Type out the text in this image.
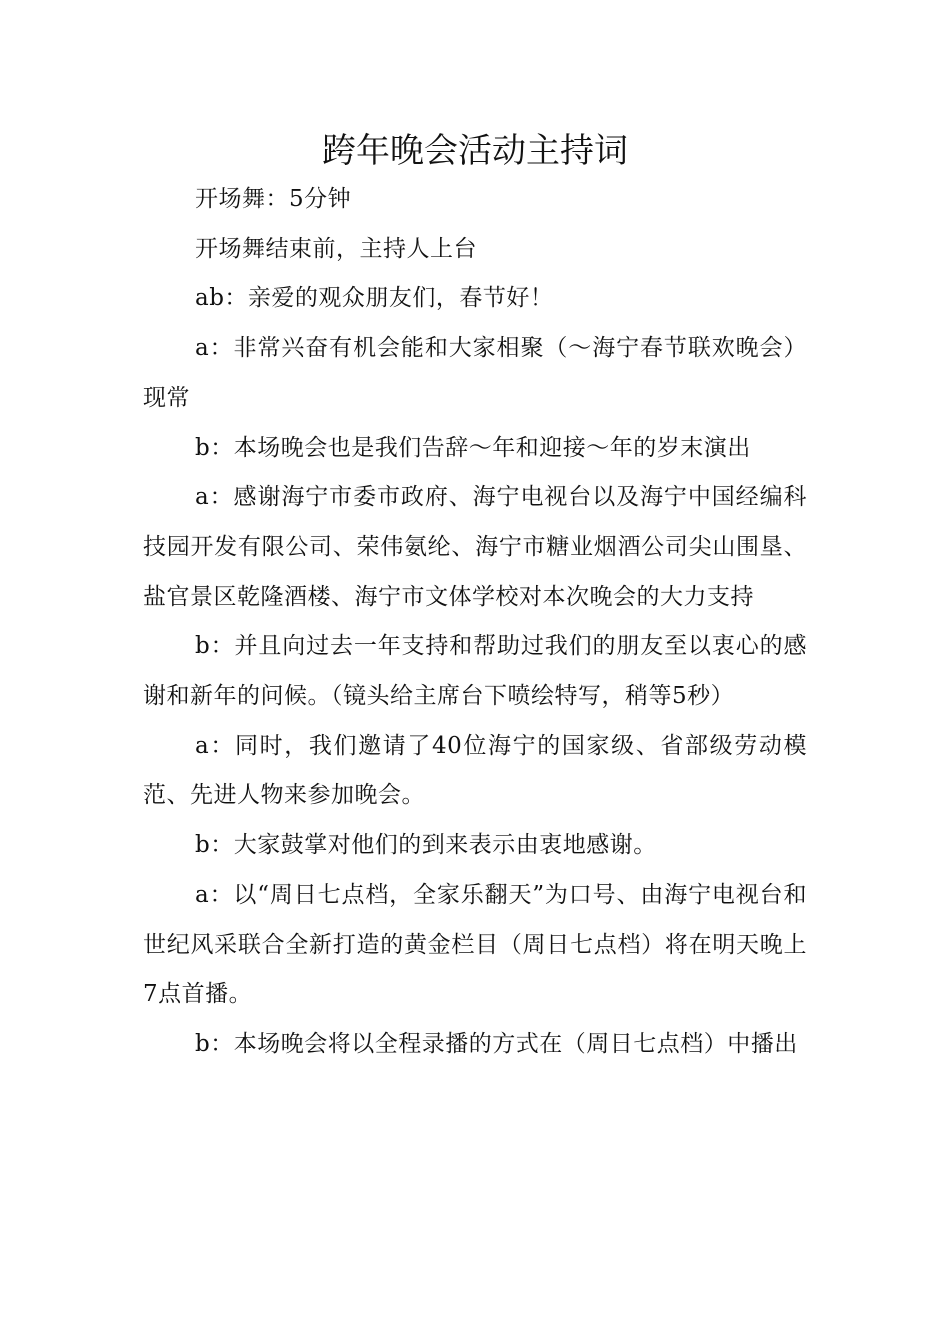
跨年晚会活动主持词

开场舞：5分钟

开场舞结束前，主持人上台

ab：亲爱的观众朋友们，春节好！

a：非常兴奋有机会能和大家相聚（～海宁春节联欢晚会）现常

b：本场晚会也是我们告辞～年和迎接～年的岁末演出

a：感谢海宁市委市政府、海宁电视台以及海宁中国经编科技园开发有限公司、荣伟氨纶、海宁市糖业烟酒公司尖山围垦、盐官景区乾隆酒楼、海宁市文体学校对本次晚会的大力支持

b：并且向过去一年支持和帮助过我们的朋友至以衷心的感谢和新年的问候。（镜头给主席台下喷绘特写，稍等5秒）

a：同时，我们邀请了40位海宁的国家级、省部级劳动模范、先进人物来参加晚会。

b：大家鼓掌对他们的到来表示由衷地感谢。

a：以“周日七点档，全家乐翻天”为口号、由海宁电视台和世纪风采联合全新打造的黄金栏目（周日七点档）将在明天晚上7点首播。

b：本场晚会将以全程录播的方式在（周日七点档）中播出
